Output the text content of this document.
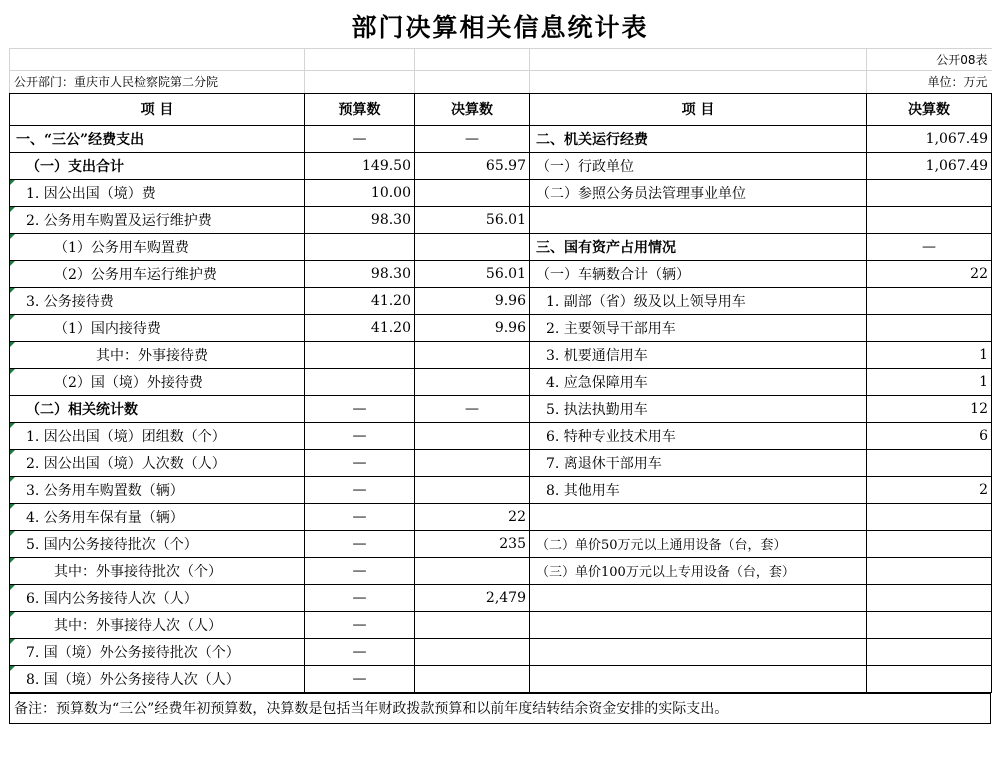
部门决算相关信息统计表
				公开08表
公开部门：重庆市人民检察院第二分院				单位：万元
项 目	预算数	决算数	项 目	决算数
一、“三公”经费支出	—	—	二、机关运行经费	1,067.49
（一）支出合计	149.50	65.97	（一）行政单位	1,067.49
1. 因公出国（境）费	10.00		（二）参照公务员法管理事业单位	
2. 公务用车购置及运行维护费	98.30	56.01		
（1）公务用车购置费			三、国有资产占用情况	—
（2）公务用车运行维护费	98.30	56.01	（一）车辆数合计（辆）	22
3. 公务接待费	41.20	9.96	1. 副部（省）级及以上领导用车	
（1）国内接待费	41.20	9.96	2. 主要领导干部用车	
其中：外事接待费			3. 机要通信用车	1
（2）国（境）外接待费			4. 应急保障用车	1
（二）相关统计数	—	—	5. 执法执勤用车	12
1. 因公出国（境）团组数（个）	—		6. 特种专业技术用车	6
2. 因公出国（境）人次数（人）	—		7. 离退休干部用车	
3. 公务用车购置数（辆）	—		8. 其他用车	2
4. 公务用车保有量（辆）	—	22		
5. 国内公务接待批次（个）	—	235	（二）单价50万元以上通用设备（台，套）	
其中：外事接待批次（个）	—		（三）单价100万元以上专用设备（台，套）	
6. 国内公务接待人次（人）	—	2,479		
其中：外事接待人次（人）	—			
7. 国（境）外公务接待批次（个）	—			
8. 国（境）外公务接待人次（人）	—			
备注：预算数为“三公”经费年初预算数，决算数是包括当年财政拨款预算和以前年度结转结余资金安排的实际支出。
